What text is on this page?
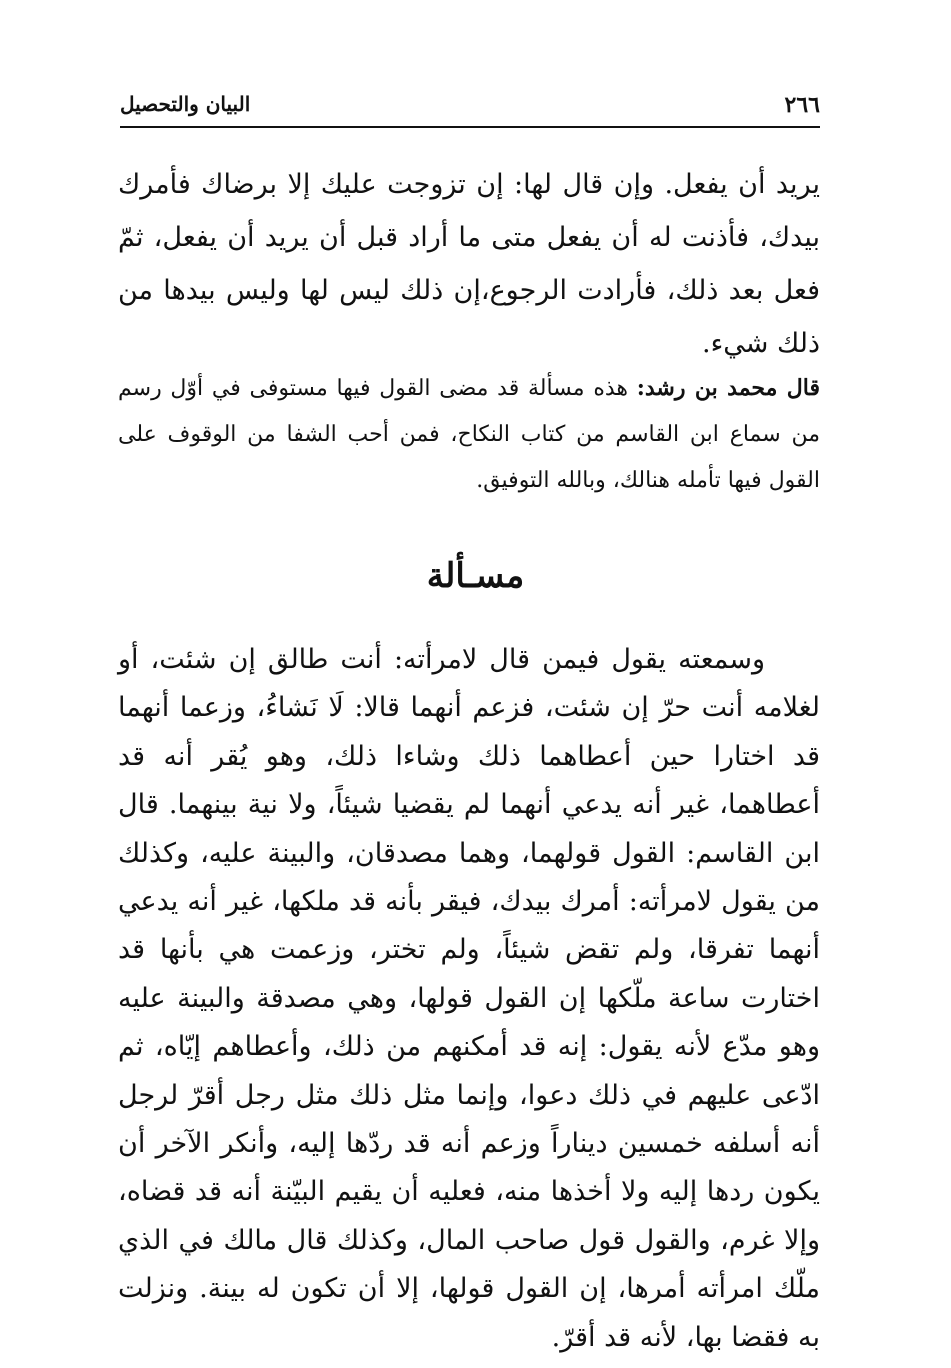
٢٦٦
البيان والتحصيل

يريد أن يفعل. وإن قال لها: إن تزوجت عليك إلا برضاك فأمرك بيدك، فأذنت له أن يفعل متى ما أراد قبل أن يريد أن يفعل، ثمّ فعل بعد ذلك، فأرادت الرجوع،إن ذلك ليس لها وليس بيدها من ذلك شيء.

قال محمد بن رشد: هذه مسألة قد مضى القول فيها مستوفى في أوّل رسم من سماع ابن القاسم من كتاب النكاح، فمن أحب الشفا من الوقوف على القول فيها تأمله هنالك، وبالله التوفيق.

مسـألة

وسمعته يقول فيمن قال لامرأته: أنت طالق إن شئت، أو لغلامه أنت حرّ إن شئت، فزعم أنهما قالا: لَا نَشاءُ، وزعما أنهما قد اختارا حين أعطاهما ذلك وشاءا ذلك، وهو يُقر أنه قد أعطاهما، غير أنه يدعي أنهما لم يقضيا شيئاً، ولا نية بينهما. قال ابن القاسم: القول قولهما، وهما مصدقان، والبينة عليه، وكذلك من يقول لامرأته: أمرك بيدك، فيقر بأنه قد ملكها، غير أنه يدعي أنهما تفرقا، ولم تقض شيئاً، ولم تختر، وزعمت هي بأنها قد اختارت ساعة ملّكها إن القول قولها، وهي مصدقة والبينة عليه وهو مدّع لأنه يقول: إنه قد أمكنهم من ذلك، وأعطاهم إيّاه، ثم ادّعى عليهم في ذلك دعوا، وإنما مثل ذلك مثل رجل أقرّ لرجل أنه أسلفه خمسين ديناراً وزعم أنه قد ردّها إليه، وأنكر الآخر أن يكون ردها إليه ولا أخذها منه، فعليه أن يقيم البيّنة أنه قد قضاه، وإلا غرم، والقول قول صاحب المال، وكذلك قال مالك في الذي ملّك امرأته أمرها، إن القول قولها، إلا أن تكون له بينة. ونزلت به فقضا بها، لأنه قد أقرّ.
